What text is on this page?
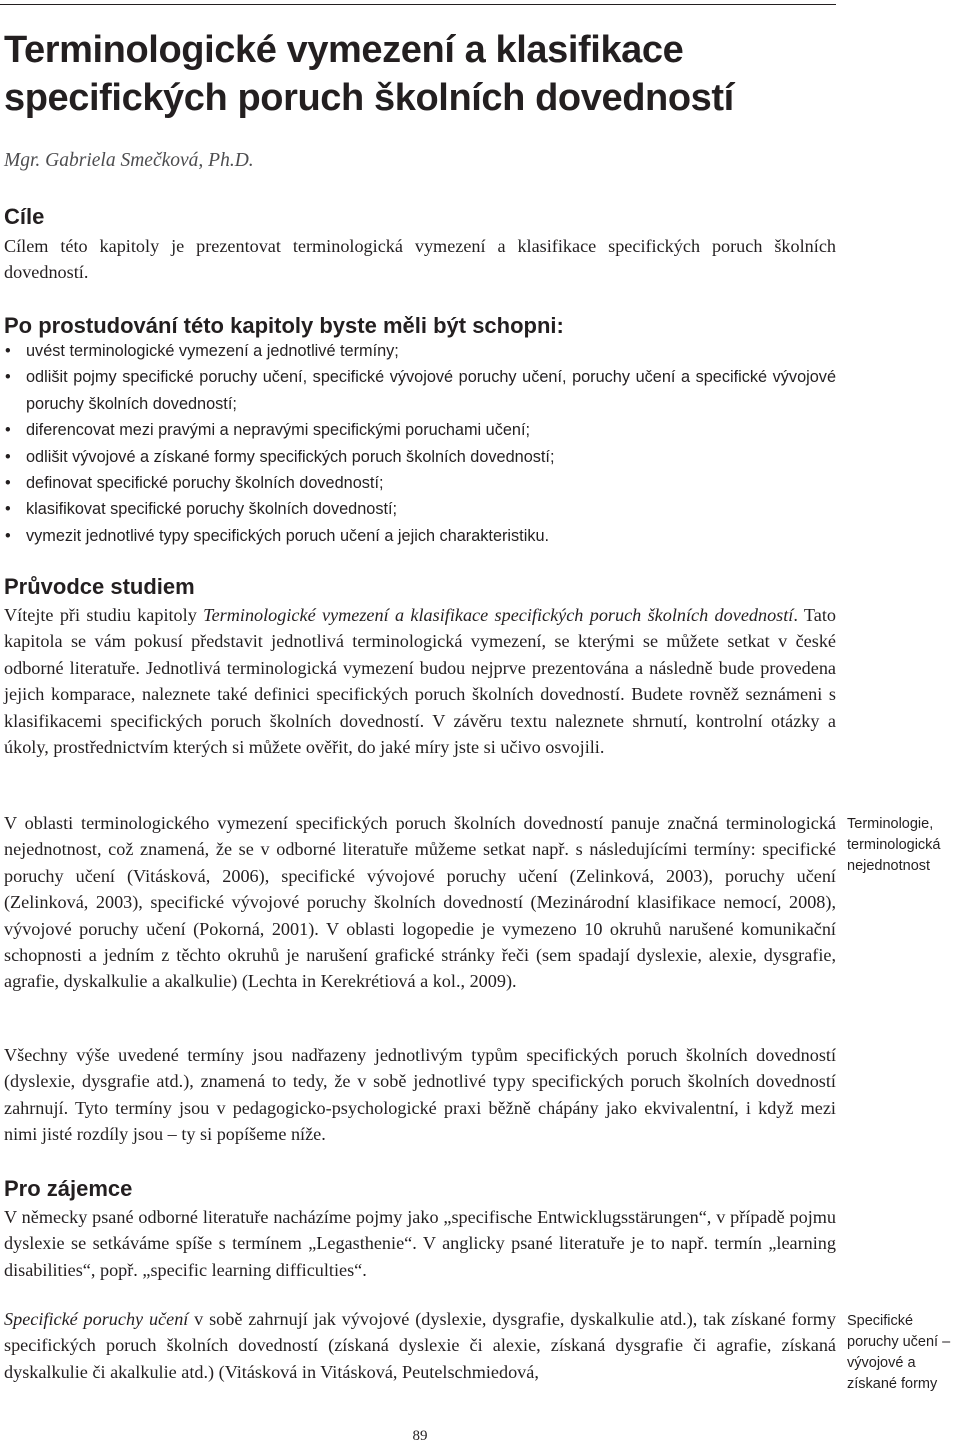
Terminologické vymezení a klasifikace
specifických poruch školních dovedností
Mgr. Gabriela Smečková, Ph.D.
Cíle

Cílem této kapitoly je prezentovat terminologická vymezení a klasifikace specifických poruch školních dovedností.

Po prostudování této kapitoly byste měli být schopni:
• uvést terminologické vymezení a jednotlivé termíny;
• odlišit pojmy specifické poruchy učení, specifické vývojové poruchy učení, poruchy učení a specifické vývojové poruchy školních dovedností;
• diferencovat mezi pravými a nepravými specifickými poruchami učení;
• odlišit vývojové a získané formy specifických poruch školních dovedností;
• definovat specifické poruchy školních dovedností;
• klasifikovat specifické poruchy školních dovedností;
• vymezit jednotlivé typy specifických poruch učení a jejich charakteristiku.
Průvodce studiem

Vítejte při studiu kapitoly Terminologické vymezení a klasifikace specifických poruch školních dovedností. Tato kapitola se vám pokusí představit jednotlivá terminologická vymezení, se kterými se můžete setkat v české odborné literatuře. Jednotlivá terminologická vymezení budou nejprve prezentována a následně bude provedena jejich komparace, naleznete také definici specifických poruch školních dovedností. Budete rovněž seznámeni s klasifikacemi specifických poruch školních dovedností. V závěru textu naleznete shrnutí, kontrolní otázky a úkoly, prostřednictvím kterých si můžete ověřit, do jaké míry jste si učivo osvojili.

V oblasti terminologického vymezení specifických poruch školních dovedností panuje značná terminologická nejednotnost, což znamená, že se v odborné literatuře můžeme setkat např. s následujícími termíny: specifické poruchy učení (Vitásková, 2006), specifické vývojové poruchy učení (Zelinková, 2003), poruchy učení (Zelinková, 2003), specifické vývojové poruchy školních dovedností (Mezinárodní klasifikace nemocí, 2008), vývojové poruchy učení (Pokorná, 2001). V oblasti logopedie je vymezeno 10 okruhů narušené komunikační schopnosti a jedním z těchto okruhů je narušení grafické stránky řeči (sem spadají dyslexie, alexie, dysgrafie, agrafie, dyskalkulie a akalkulie) (Lechta in Kerekrétiová a kol., 2009).

Terminologie, terminologická nejednotnost

Všechny výše uvedené termíny jsou nadřazeny jednotlivým typům specifických poruch školních dovedností (dyslexie, dysgrafie atd.), znamená to tedy, že v sobě jednotlivé typy specifických poruch školních dovedností zahrnují. Tyto termíny jsou v pedagogicko-psychologické praxi běžně chápány jako ekvivalentní, i když mezi nimi jisté rozdíly jsou – ty si popíšeme níže.

Pro zájemce

V německy psané odborné literatuře nacházíme pojmy jako „specifische Entwicklugsstärungen“, v případě pojmu dyslexie se setkáváme spíše s termínem „Legasthenie“. V anglicky psané literatuře je to např. termín „learning disabilities“, popř. „specific learning difficulties“.

Specifické poruchy učení v sobě zahrnují jak vývojové (dyslexie, dysgrafie, dyskalkulie atd.), tak získané formy specifických poruch školních dovedností (získaná dyslexie či alexie, získaná dysgrafie či agrafie, získaná dyskalkulie či akalkulie atd.) (Vitásková in Vitásková, Peutelschmiedová,

Specifické poruchy učení – vývojové a získané formy

89
